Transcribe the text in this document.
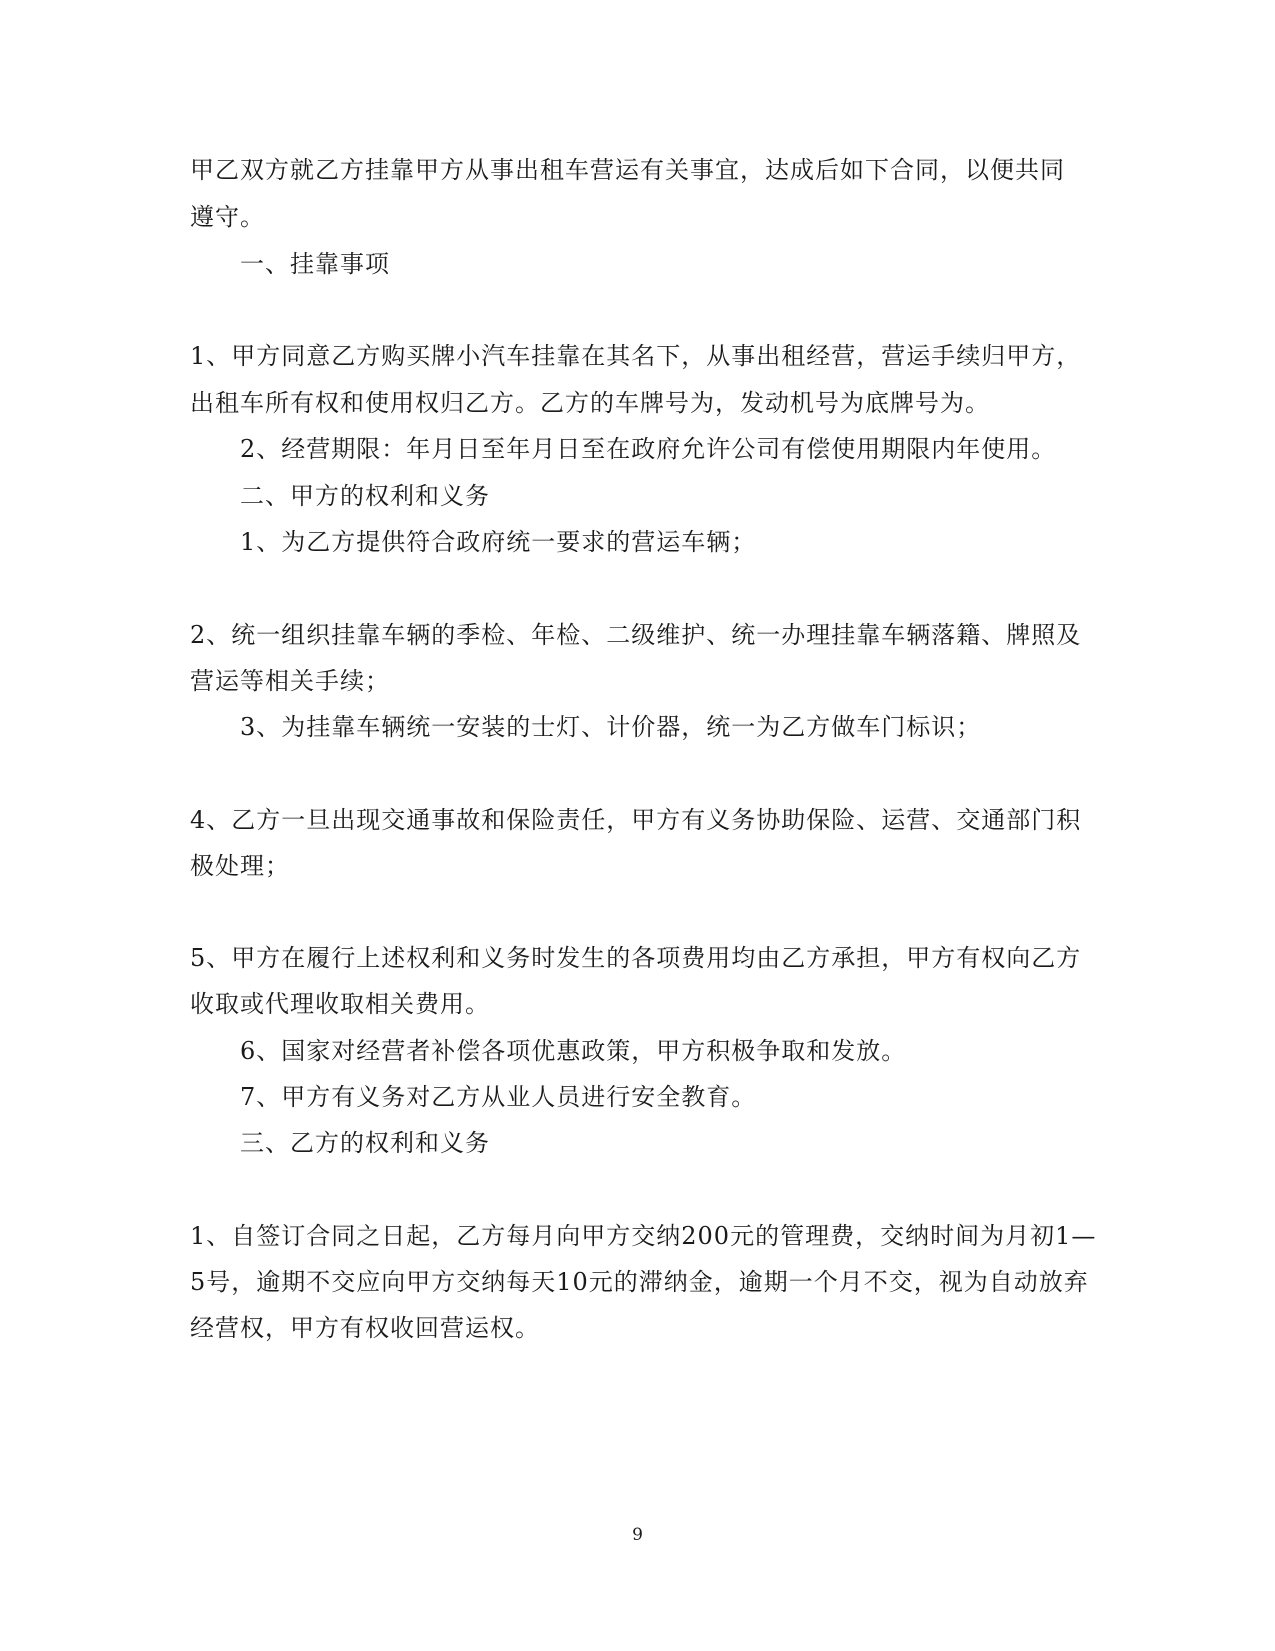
甲乙双方就乙方挂靠甲方从事出租车营运有关事宜，达成后如下合同，以便共同
遵守。
一、挂靠事项
1、甲方同意乙方购买牌小汽车挂靠在其名下，从事出租经营，营运手续归甲方，
出租车所有权和使用权归乙方。乙方的车牌号为，发动机号为底牌号为。
2、经营期限：年月日至年月日至在政府允许公司有偿使用期限内年使用。
二、甲方的权利和义务
1、为乙方提供符合政府统一要求的营运车辆；
2、统一组织挂靠车辆的季检、年检、二级维护、统一办理挂靠车辆落籍、牌照及
营运等相关手续；
3、为挂靠车辆统一安装的士灯、计价器，统一为乙方做车门标识；
4、乙方一旦出现交通事故和保险责任，甲方有义务协助保险、运营、交通部门积
极处理；
5、甲方在履行上述权利和义务时发生的各项费用均由乙方承担，甲方有权向乙方
收取或代理收取相关费用。
6、国家对经营者补偿各项优惠政策，甲方积极争取和发放。
7、甲方有义务对乙方从业人员进行安全教育。
三、乙方的权利和义务
1、自签订合同之日起，乙方每月向甲方交纳200元的管理费，交纳时间为月初1—
5号，逾期不交应向甲方交纳每天10元的滞纳金，逾期一个月不交，视为自动放弃
经营权，甲方有权收回营运权。
9
